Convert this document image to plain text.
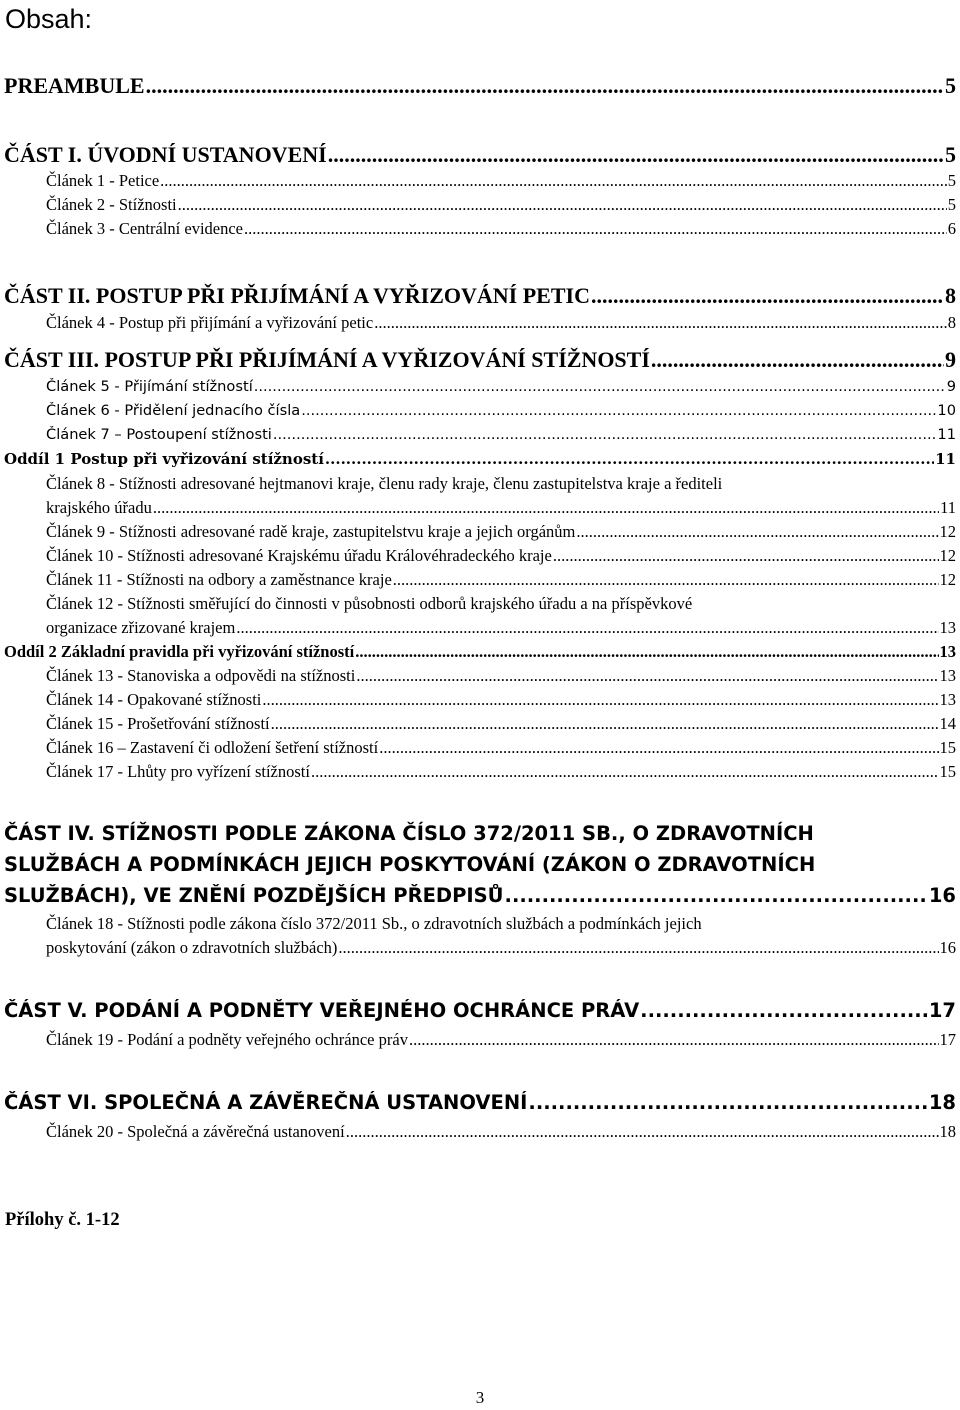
Obsah:
PREAMBULE .....	5
ČÁST I. ÚVODNÍ USTANOVENÍ .....	5
Článek 1 - Petice .....	5
Článek 2 - Stížnosti .....	5
Článek 3 - Centrální evidence .....	6
ČÁST II. POSTUP PŘI PŘIJÍMÁNÍ A VYŘIZOVÁNÍ PETIC .....	8
Článek 4 - Postup při přijímání a vyřizování petic .....	8
ČÁST III. POSTUP PŘI PŘIJÍMÁNÍ A VYŘIZOVÁNÍ STÍŽNOSTÍ .....	9
Článek 5 - Přijímání stížností .....	9
Článek 6 - Přidělení jednacího čísla .....	10
Článek 7 – Postoupení stížnosti .....	11
Oddíl 1 Postup při vyřizování stížností .....	11
Článek 8 - Stížnosti adresované hejtmanovi kraje, členu rady kraje, členu zastupitelstva kraje a řediteli
krajského úřadu .....	11
Článek 9 - Stížnosti adresované radě kraje, zastupitelstvu kraje a jejich orgánům .....	12
Článek 10 - Stížnosti adresované Krajskému úřadu Královéhradeckého kraje .....	12
Článek 11 - Stížnosti na odbory a zaměstnance kraje .....	12
Článek 12 - Stížnosti směřující do činnosti v působnosti odborů krajského úřadu a na příspěvkové
organizace zřizované krajem .....	13
Oddíl 2 Základní pravidla při vyřizování stížností .....	13
Článek 13 - Stanoviska a odpovědi na stížnosti .....	13
Článek 14 - Opakované stížnosti .....	13
Článek 15 - Prošetřování stížností .....	14
Článek 16 – Zastavení či odložení šetření stížností .....	15
Článek 17 - Lhůty pro vyřízení stížností .....	15
ČÁST IV. STÍŽNOSTI PODLE ZÁKONA ČÍSLO 372/2011 SB., O ZDRAVOTNÍCH
SLUŽBÁCH A PODMÍNKÁCH JEJICH POSKYTOVÁNÍ (ZÁKON O ZDRAVOTNÍCH
SLUŽBÁCH), VE ZNĚNÍ POZDĚJŠÍCH PŘEDPISŮ .....	16
Článek 18 - Stížnosti podle zákona číslo 372/2011 Sb., o zdravotních službách a podmínkách jejich
poskytování (zákon o zdravotních službách) .....	16
ČÁST V. PODÁNÍ A PODNĚTY VEŘEJNÉHO OCHRÁNCE PRÁV .....	17
Článek 19 - Podání a podněty veřejného ochránce práv .....	17
ČÁST VI. SPOLEČNÁ A ZÁVĚREČNÁ USTANOVENÍ .....	18
Článek 20 - Společná a závěrečná ustanovení .....	18
Přílohy č. 1-12
3
